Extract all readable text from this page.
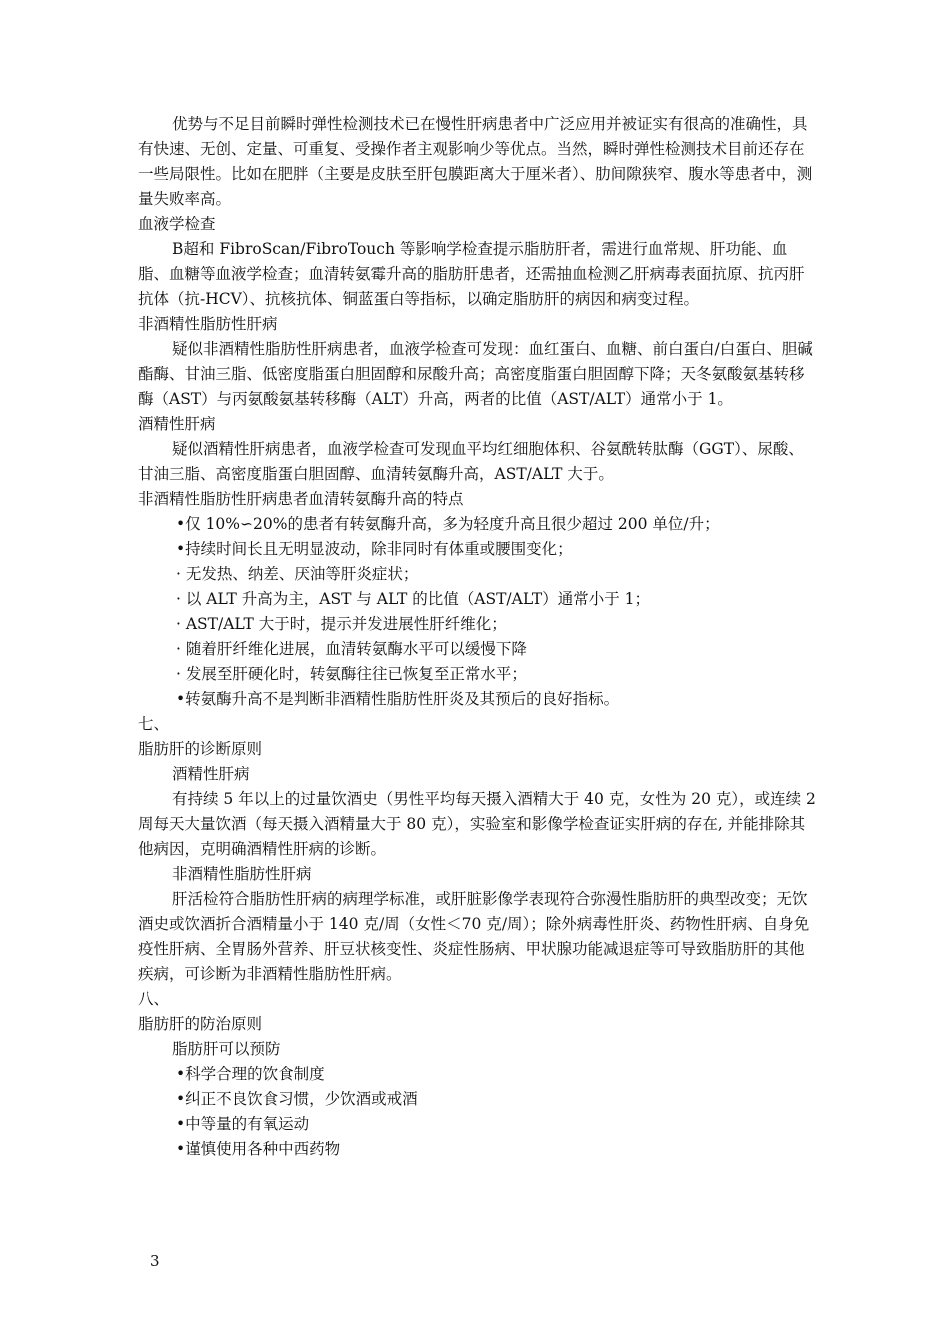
优势与不足目前瞬时弹性检测技术已在慢性肝病患者中广泛应用并被证实有很高的准确性，具有快速、无创、定量、可重复、受操作者主观影响少等优点。当然，瞬时弹性检测技术目前还存在一些局限性。比如在肥胖（主要是皮肤至肝包膜距离大于厘米者）、肋间隙狭窄、腹水等患者中，测量失败率高。

血液学检查

B超和 FibroScan/FibroTouch 等影响学检查提示脂肪肝者，需进行血常规、肝功能、血脂、血糖等血液学检查；血清转氨霉升高的脂肪肝患者，还需抽血检测乙肝病毒表面抗原、抗丙肝抗体（抗-HCV）、抗核抗体、铜蓝蛋白等指标，以确定脂肪肝的病因和病变过程。

非酒精性脂肪性肝病

疑似非酒精性脂肪性肝病患者，血液学检查可发现：血红蛋白、血糖、前白蛋白/白蛋白、胆碱酯酶、甘油三脂、低密度脂蛋白胆固醇和尿酸升高；高密度脂蛋白胆固醇下降；天冬氨酸氨基转移酶（AST）与丙氨酸氨基转移酶（ALT）升高，两者的比值（AST/ALT）通常小于 1。

酒精性肝病

疑似酒精性肝病患者，血液学检查可发现血平均红细胞体积、谷氨酰转肽酶（GGT）、尿酸、甘油三脂、高密度脂蛋白胆固醇、血清转氨酶升高，AST/ALT 大于。

非酒精性脂肪性肝病患者血清转氨酶升高的特点

•仅 10%∽20%的患者有转氨酶升高，多为轻度升高且很少超过 200 单位/升；

•持续时间长且无明显波动，除非同时有体重或腰围变化；

· 无发热、纳差、厌油等肝炎症状；

· 以 ALT 升高为主，AST 与 ALT 的比值（AST/ALT）通常小于 1；

· AST/ALT 大于时，提示并发进展性肝纤维化；

· 随着肝纤维化进展，血清转氨酶水平可以缓慢下降

· 发展至肝硬化时，转氨酶往往已恢复至正常水平；

•转氨酶升高不是判断非酒精性脂肪性肝炎及其预后的良好指标。

七、

脂肪肝的诊断原则

酒精性肝病

有持续 5 年以上的过量饮酒史（男性平均每天摄入酒精大于 40 克，女性为 20 克），或连续 2 周每天大量饮酒（每天摄入酒精量大于 80 克），实验室和影像学检查证实肝病的存在, 并能排除其他病因，克明确酒精性肝病的诊断。

非酒精性脂肪性肝病

肝活检符合脂肪性肝病的病理学标准，或肝脏影像学表现符合弥漫性脂肪肝的典型改变；无饮酒史或饮酒折合酒精量小于 140 克/周（女性＜70 克/周）；除外病毒性肝炎、药物性肝病、自身免疫性肝病、全胃肠外营养、肝豆状核变性、炎症性肠病、甲状腺功能减退症等可导致脂肪肝的其他疾病，可诊断为非酒精性脂肪性肝病。

八、

脂肪肝的防治原则

脂肪肝可以预防

•科学合理的饮食制度

•纠正不良饮食习惯，少饮酒或戒酒

•中等量的有氧运动

•谨慎使用各种中西药物

3
